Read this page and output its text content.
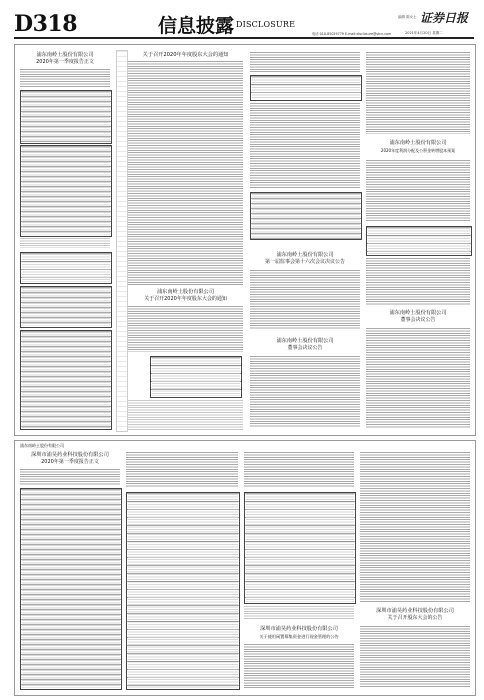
D318	信息披露 DISCLOSURE
编辑 陈女士 证券日报
电话 010-85029779 E-mail:disclosure@stcn.com	2021年4月20日 星期二
浦东南岭土股份有限公司
2020年第一季度报告正文
关于召开2020年年度股东大会的通知
浦东南岭土股份有限公司
关于召开2020年年度股东大会的通知
浦东南岭土股份有限公司
第一届监事会第十六次会议决议公告
浦东南岭土股份有限公司
董事会决议公告
浦东南岭土股份有限公司
2020年度利润分配及公积金转增股本预案
浦东南岭土股份有限公司
董事会决议公告
浦东南岭土股份有限公司
深圳市浦昊药业科技股份有限公司
2020年第一季度报告正文
深圳市浦昊药业科技股份有限公司
关于使用闲置募集资金进行现金管理的公告
深圳市浦昊药业科技股份有限公司
关于召开股东大会的公告
